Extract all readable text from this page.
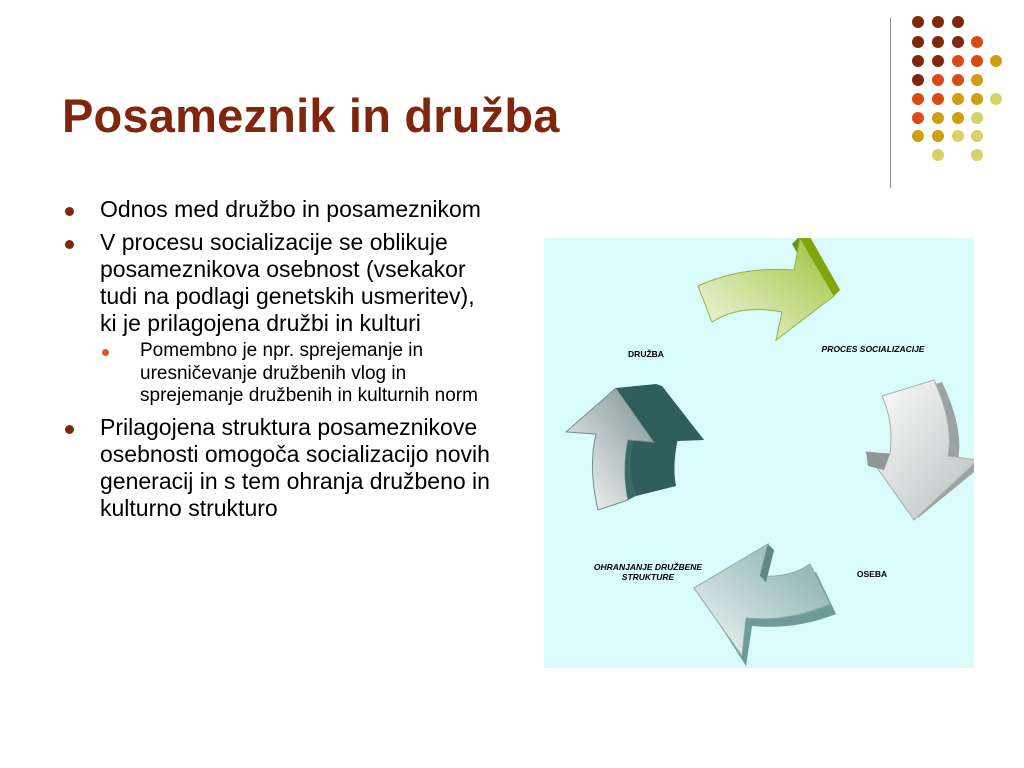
Posameznik in družba
Odnos med družbo in posameznikom
V procesu socializacije se oblikuje posameznikova osebnost (vsekakor tudi na podlagi genetskih usmeritev), ki je prilagojena družbi in kulturi
Pomembno je npr. sprejemanje in uresničevanje družbenih vlog in sprejemanje družbenih in kulturnih norm
Prilagojena struktura posameznikove osebnosti omogoča socializacijo novih generacij in s tem ohranja družbeno in kulturno strukturo
DRUŽBA	PROCES SOCIALIZACIJE
OSEBA
OHRANJANJE DRUŽBENE STRUKTURE
